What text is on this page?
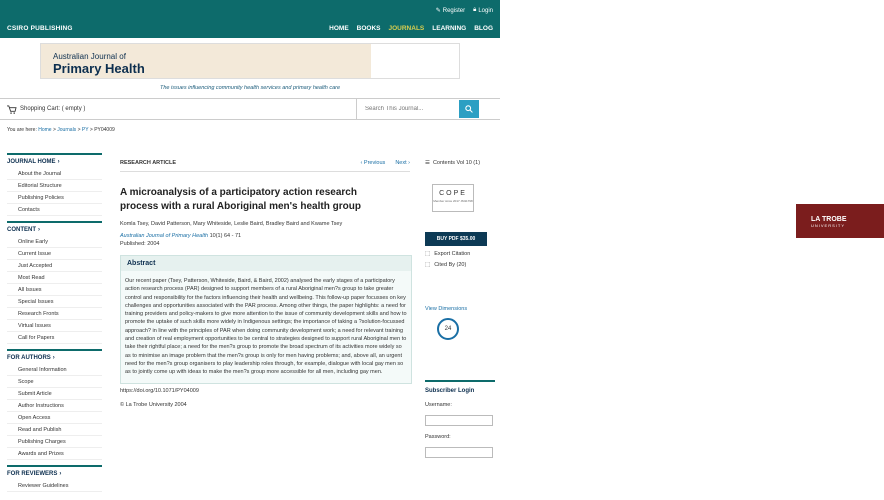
✎ Register 🔒︎ Login
CSIRO PUBLISHING	HOME BOOKS JOURNALS LEARNING BLOG
Australian Journal of
Primary Health
LA TROBE
UNIVERSITY
The issues influencing community health services and primary health care
Shopping Cart: ( empty )
Search This Journal...
You are here: Home > Journals > PY > PY04009
JOURNAL HOME ›
About the Journal
Editorial Structure
Publishing Policies
Contacts
CONTENT ›
Online Early
Current Issue
Just Accepted
Most Read
All Issues
Special Issues
Research Fronts
Virtual Issues
Call for Papers
FOR AUTHORS ›
General Information
Scope
Submit Article
Author Instructions
Open Access
Read and Publish
Publishing Charges
Awards and Prizes
FOR REVIEWERS ›
Reviewer Guidelines
RESEARCH ARTICLE	‹ Previous Next ›
A microanalysis of a participatory action research process with a rural Aboriginal men's health group
Komla Tsey, David Patterson, Mary Whiteside, Leslie Baird, Bradley Baird and Kwame Tsey
Australian Journal of Primary Health 10(1) 64 - 71
Published: 2004
Abstract
Our recent paper (Tsey, Patterson, Whiteside, Baird, & Baird, 2002) analysed the early stages of a participatory action research process (PAR) designed to support members of a rural Aboriginal men?s group to take greater control and responsibility for the factors influencing their health and wellbeing. This follow-up paper focusses on key challenges and opportunities associated with the PAR process. Among other things, the paper highlights: a need for training providers and policy-makers to give more attention to the issue of community development skills and how to promote the uptake of such skills more widely in Indigenous settings; the importance of taking a ?solution-focussed approach? in line with the principles of PAR when doing community development work; a need for relevant training and creation of real employment opportunities to be central to strategies designed to support rural Aboriginal men to take their rightful place; a need for the men?s group to promote the broad spectrum of its activities more widely so as to minimise an image problem that the men?s group is only for men having problems; and, above all, an urgent need for the men?s group organisers to play leadership roles through, for example, dialogue with local gay men so as to jointly come up with ideas to make the men?s group more accessible for all men, including gay men.
https://doi.org/10.1071/PY04009
© La Trobe University 2004
☰ Contents Vol 10 (1)
COPE
Member since 2017 JM11798
BUY PDF $35.00
⬚ Export Citation
⬚ Cited By (20)
View Dimensions
24
Subscriber Login
Username:
Password:
